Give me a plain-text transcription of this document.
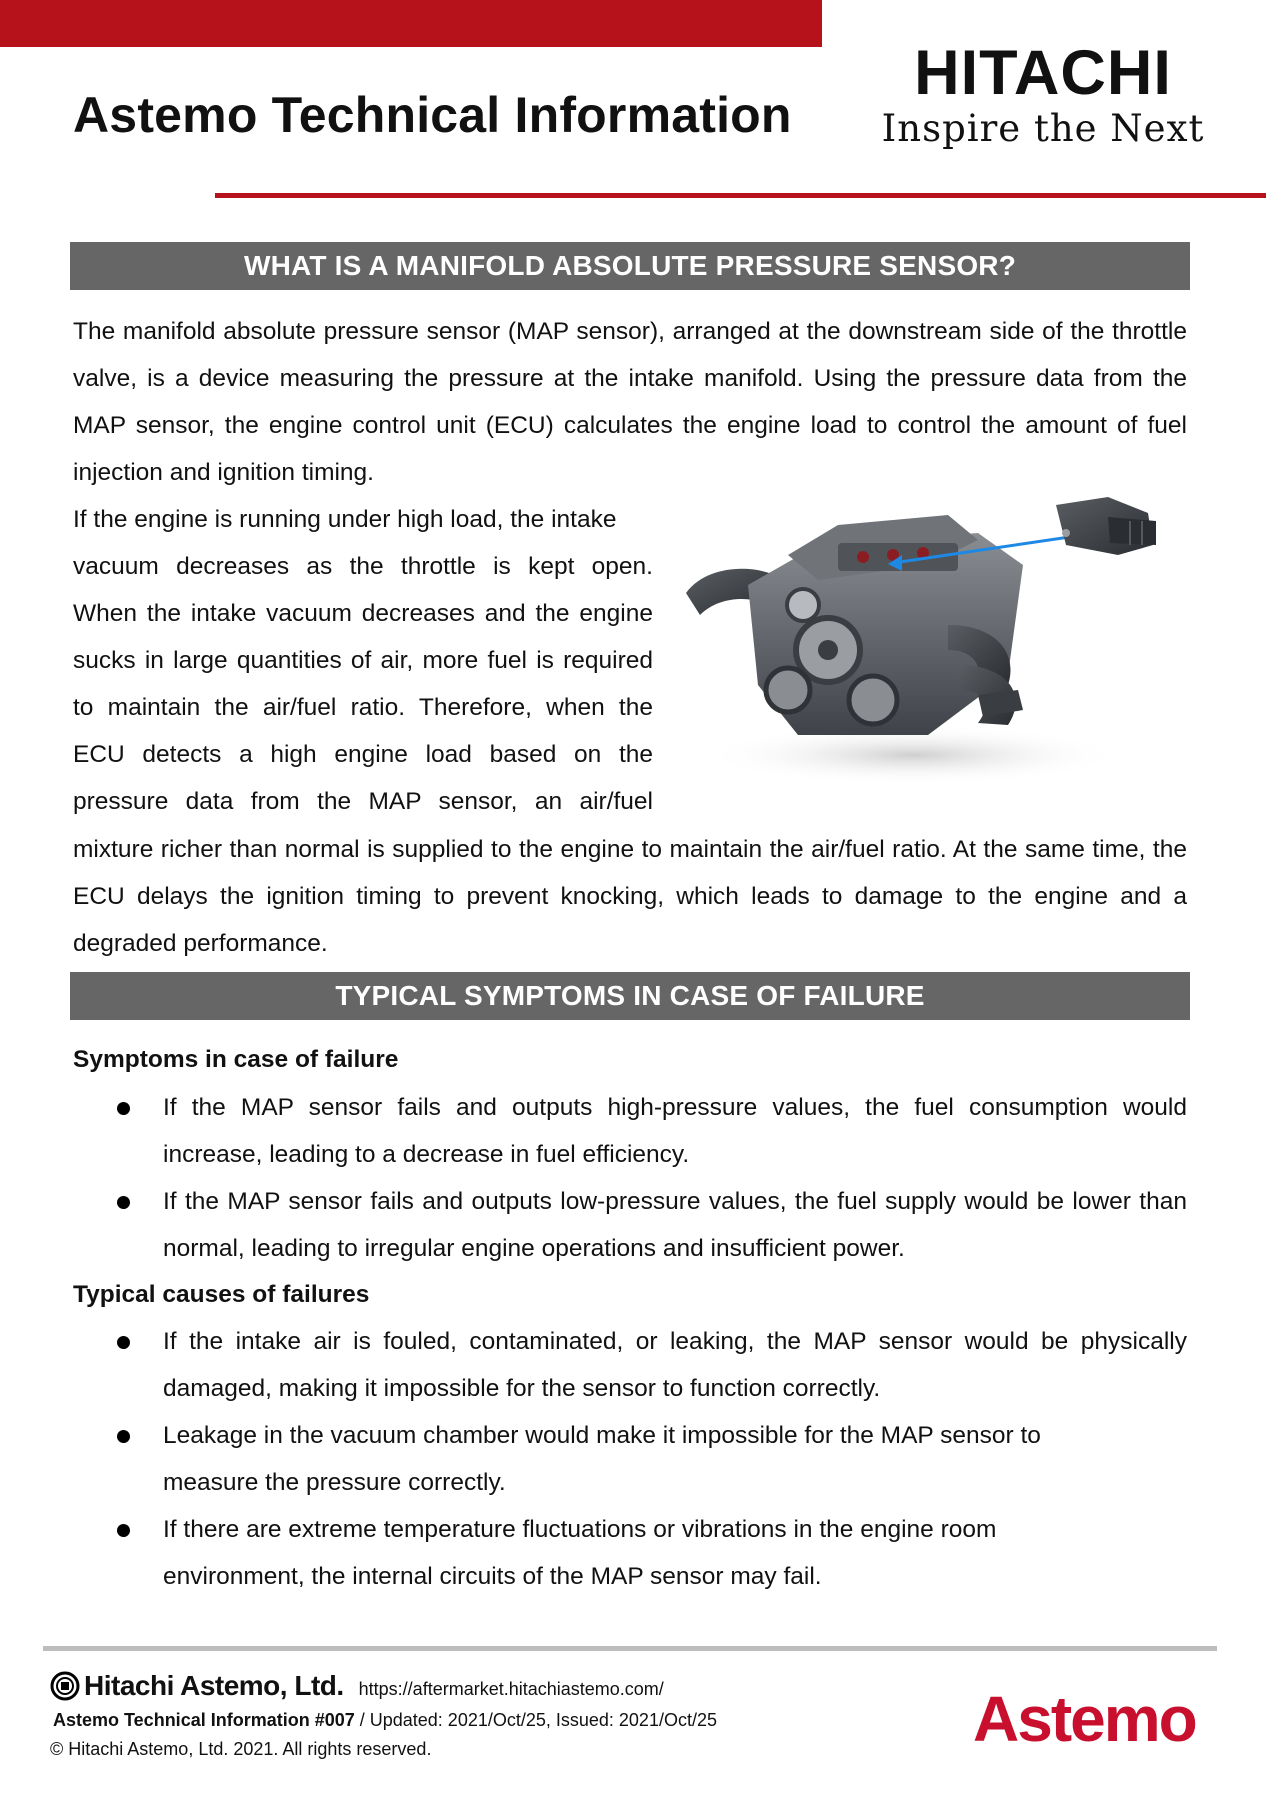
Astemo Technical Information
HITACHI
Inspire the Next
WHAT IS A MANIFOLD ABSOLUTE PRESSURE SENSOR?
The manifold absolute pressure sensor (MAP sensor), arranged at the downstream side of the throttle valve, is a device measuring the pressure at the intake manifold. Using the pressure data from the MAP sensor, the engine control unit (ECU) calculates the engine load to control the amount of fuel injection and ignition timing.
If the engine is running under high load, the intake
vacuum decreases as the throttle is kept open.
When the intake vacuum decreases and the engine
sucks in large quantities of air, more fuel is required
to maintain the air/fuel ratio. Therefore, when the
ECU detects a high engine load based on the
pressure data from the MAP sensor, an air/fuel
mixture richer than normal is supplied to the engine to maintain the air/fuel ratio. At the same time, the ECU delays the ignition timing to prevent knocking, which leads to damage to the engine and a degraded performance.
TYPICAL SYMPTOMS IN CASE OF FAILURE
Symptoms in case of failure
If the MAP sensor fails and outputs high-pressure values, the fuel consumption would increase, leading to a decrease in fuel efficiency.
If the MAP sensor fails and outputs low-pressure values, the fuel supply would be lower than normal, leading to irregular engine operations and insufficient power.
Typical causes of failures
If the intake air is fouled, contaminated, or leaking, the MAP sensor would be physically damaged, making it impossible for the sensor to function correctly.
Leakage in the vacuum chamber would make it impossible for the MAP sensor to measure the pressure correctly.
If there are extreme temperature fluctuations or vibrations in the engine room environment, the internal circuits of the MAP sensor may fail.
Hitachi Astemo, Ltd. https://aftermarket.hitachiastemo.com/
Astemo Technical Information #007 / Updated: 2021/Oct/25, Issued: 2021/Oct/25
© Hitachi Astemo, Ltd. 2021. All rights reserved.	Astemo
